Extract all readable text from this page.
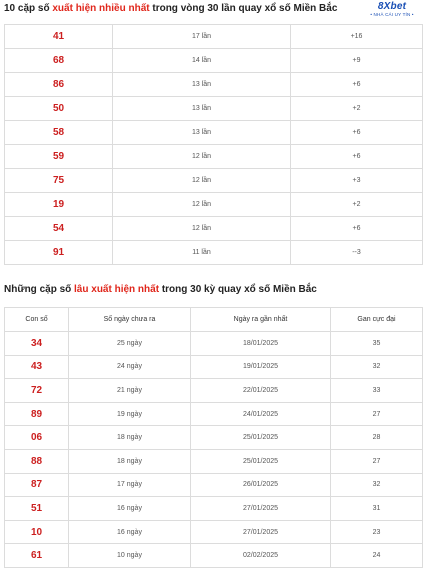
10 cặp số xuất hiện nhiều nhất trong vòng 30 lần quay xổ số Miền Bắc	8Xbet
• NHÀ CÁI UY TÍN •
41	17 lần	+16
68	14 lần	+9
86	13 lần	+6
50	13 lần	+2
58	13 lần	+6
59	12 lần	+6
75	12 lần	+3
19	12 lần	+2
54	12 lần	+6
91	11 lần	--3
Những cặp số lâu xuất hiện nhất trong 30 kỳ quay xổ số Miền Bắc
Con số	Số ngày chưa ra	Ngày ra gần nhất	Gan cực đại
34	25 ngày	18/01/2025	35
43	24 ngày	19/01/2025	32
72	21 ngày	22/01/2025	33
89	19 ngày	24/01/2025	27
06	18 ngày	25/01/2025	28
88	18 ngày	25/01/2025	27
87	17 ngày	26/01/2025	32
51	16 ngày	27/01/2025	31
10	16 ngày	27/01/2025	23
61	10 ngày	02/02/2025	24
